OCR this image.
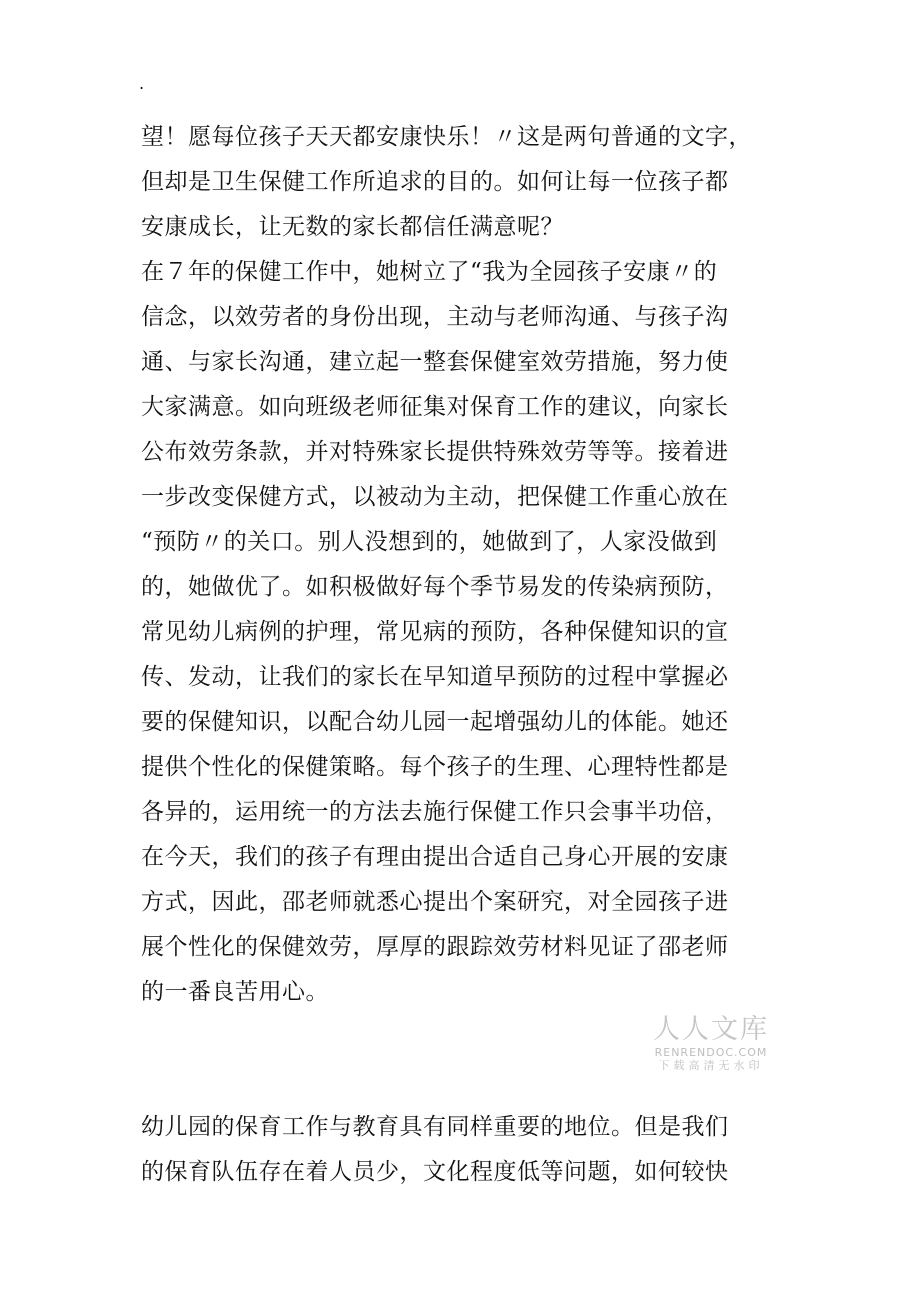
.
望！愿每位孩子天天都安康快乐！〃这是两句普通的文字，
但却是卫生保健工作所追求的目的。如何让每一位孩子都
安康成长，让无数的家长都信任满意呢？
在７年的保健工作中，她树立了“我为全园孩子安康〃的
信念，以效劳者的身份出现，主动与老师沟通、与孩子沟
通、与家长沟通，建立起一整套保健室效劳措施，努力使
大家满意。如向班级老师征集对保育工作的建议，向家长
公布效劳条款，并对特殊家长提供特殊效劳等等。接着进
一步改变保健方式，以被动为主动，把保健工作重心放在
“预防〃的关口。别人没想到的，她做到了，人家没做到
的，她做优了。如积极做好每个季节易发的传染病预防，
常见幼儿病例的护理，常见病的预防，各种保健知识的宣
传、发动，让我们的家长在早知道早预防的过程中掌握必
要的保健知识，以配合幼儿园一起增强幼儿的体能。她还
提供个性化的保健策略。每个孩子的生理、心理特性都是
各异的，运用统一的方法去施行保健工作只会事半功倍，
在今天，我们的孩子有理由提出合适自己身心开展的安康
方式，因此，邵老师就悉心提出个案研究，对全园孩子进
展个性化的保健效劳，厚厚的跟踪效劳材料见证了邵老师
的一番良苦用心。
幼儿园的保育工作与教育具有同样重要的地位。但是我们
的保育队伍存在着人员少，文化程度低等问题，如何较快
人人文库
RENRENDOC.COM
下载高清无水印
